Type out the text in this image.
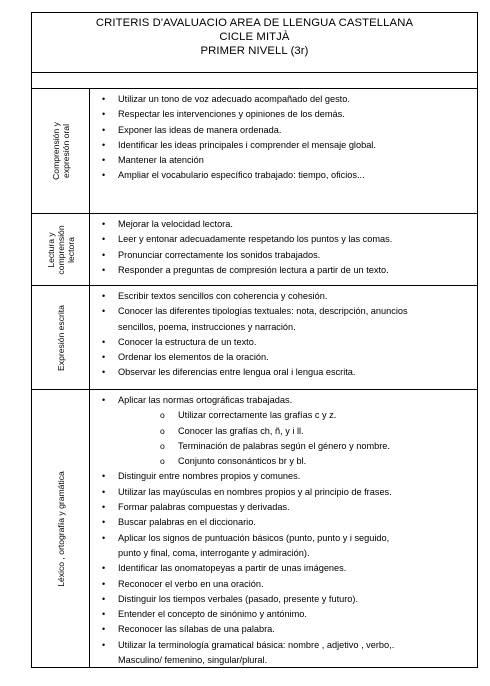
CRITERIS D'AVALUACIO AREA DE LLENGUA CASTELLANA
CICLE MITJÀ
PRIMER NIVELL (3r)
Comprensión y expresión oral
• Utilizar un tono de voz adecuado acompañado del gesto.
• Respectar les intervenciones y opiniones de los demás.
• Exponer las ideas de manera ordenada.
• Identificar les ideas principales i comprender el mensaje global.
• Mantener la atención
• Ampliar el vocabulario específico trabajado: tiempo, oficios...
Lectura y comprensión lectora
• Mejorar la velocidad lectora.
• Leer y entonar adecuadamente respetando los puntos y las comas.
• Pronunciar correctamente los sonidos trabajados.
• Responder a preguntas de compresión lectura a partir de un texto.
Expresión escrita
• Escribir textos sencillos con coherencia y cohesión.
• Conocer las diferentes tipologías textuales: nota, descripción, anuncios
sencillos, poema, instrucciones y narración.
• Conocer la estructura de un texto.
• Ordenar los elementos de la oración.
• Observar les diferencias entre lengua oral i lengua escrita.
Léxico , ortografía y gramática
• Aplicar las normas ortográficas trabajadas.
o Utilizar correctamente las grafías c y z.
o Conocer las grafías ch, ñ, y i ll.
o Terminación de palabras según el género y nombre.
o Conjunto consonánticos br y bl.
• Distinguir entre nombres propios y comunes.
• Utilizar las mayúsculas en nombres propios y al principio de frases.
• Formar palabras compuestas y derivadas.
• Buscar palabras en el diccionario.
• Aplicar los signos de puntuación básicos (punto, punto y i seguido,
punto y final, coma, interrogante y admiración).
• Identificar las onomatopeyas a partir de unas imágenes.
• Reconocer el verbo en una oración.
• Distinguir los tiempos verbales (pasado, presente y futuro).
• Entender el concepto de sinónimo y antónimo.
• Reconocer las sílabas de una palabra.
• Utilizar la terminología gramatical básica: nombre , adjetivo , verbo,.
Masculino/ femenino, singular/plural.
